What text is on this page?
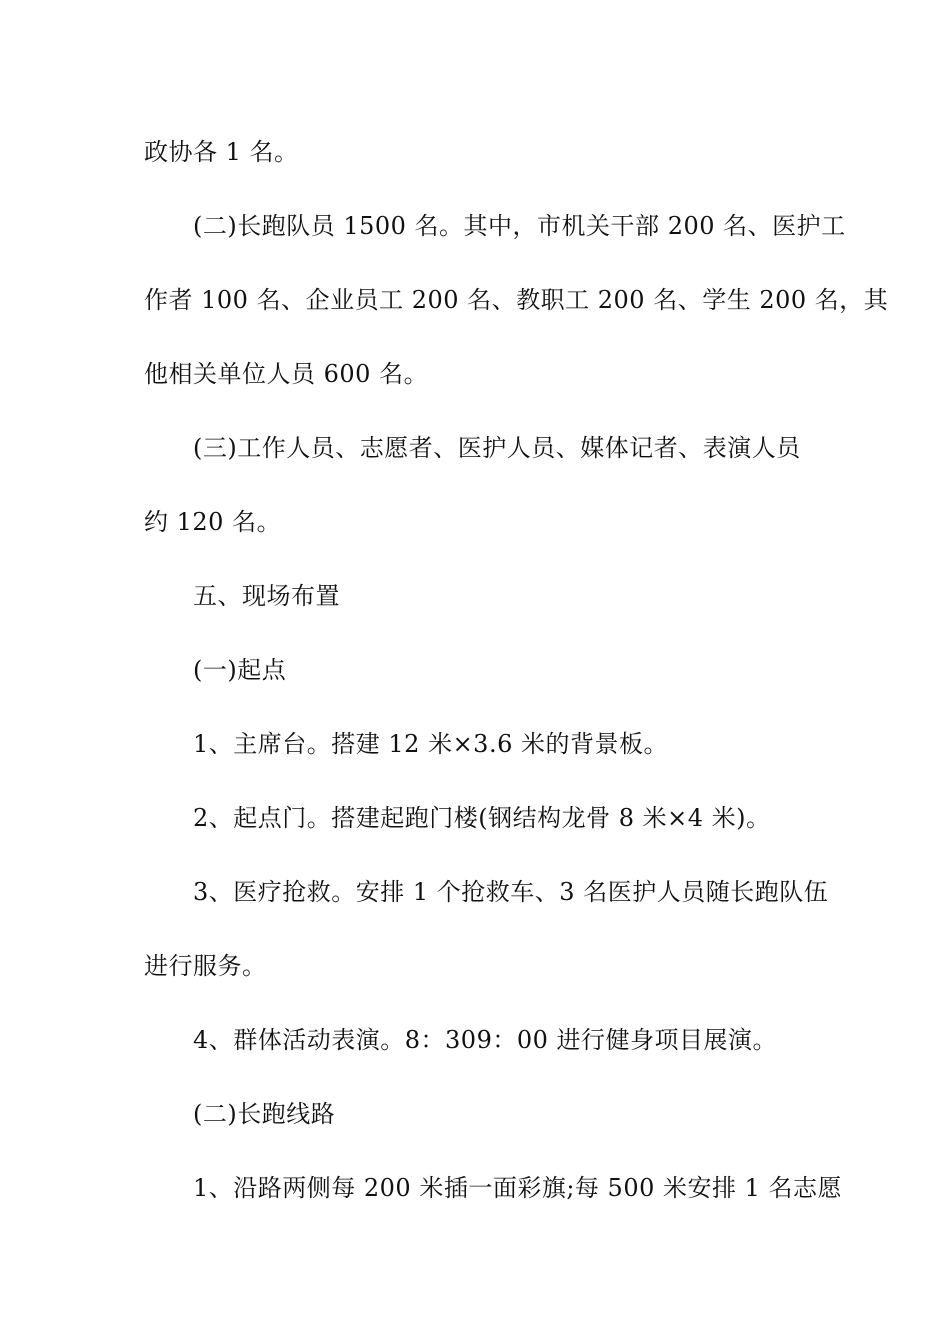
政协各 1 名。
(二)长跑队员 1500 名。其中，市机关干部 200 名、医护工
作者 100 名、企业员工 200 名、教职工 200 名、学生 200 名，其
他相关单位人员 600 名。
(三)工作人员、志愿者、医护人员、媒体记者、表演人员
约 120 名。
五、现场布置
(一)起点
1、主席台。搭建 12 米×3.6 米的背景板。
2、起点门。搭建起跑门楼(钢结构龙骨 8 米×4 米)。
3、医疗抢救。安排 1 个抢救车、3 名医护人员随长跑队伍
进行服务。
4、群体活动表演。8：309：00 进行健身项目展演。
(二)长跑线路
1、沿路两侧每 200 米插一面彩旗;每 500 米安排 1 名志愿
